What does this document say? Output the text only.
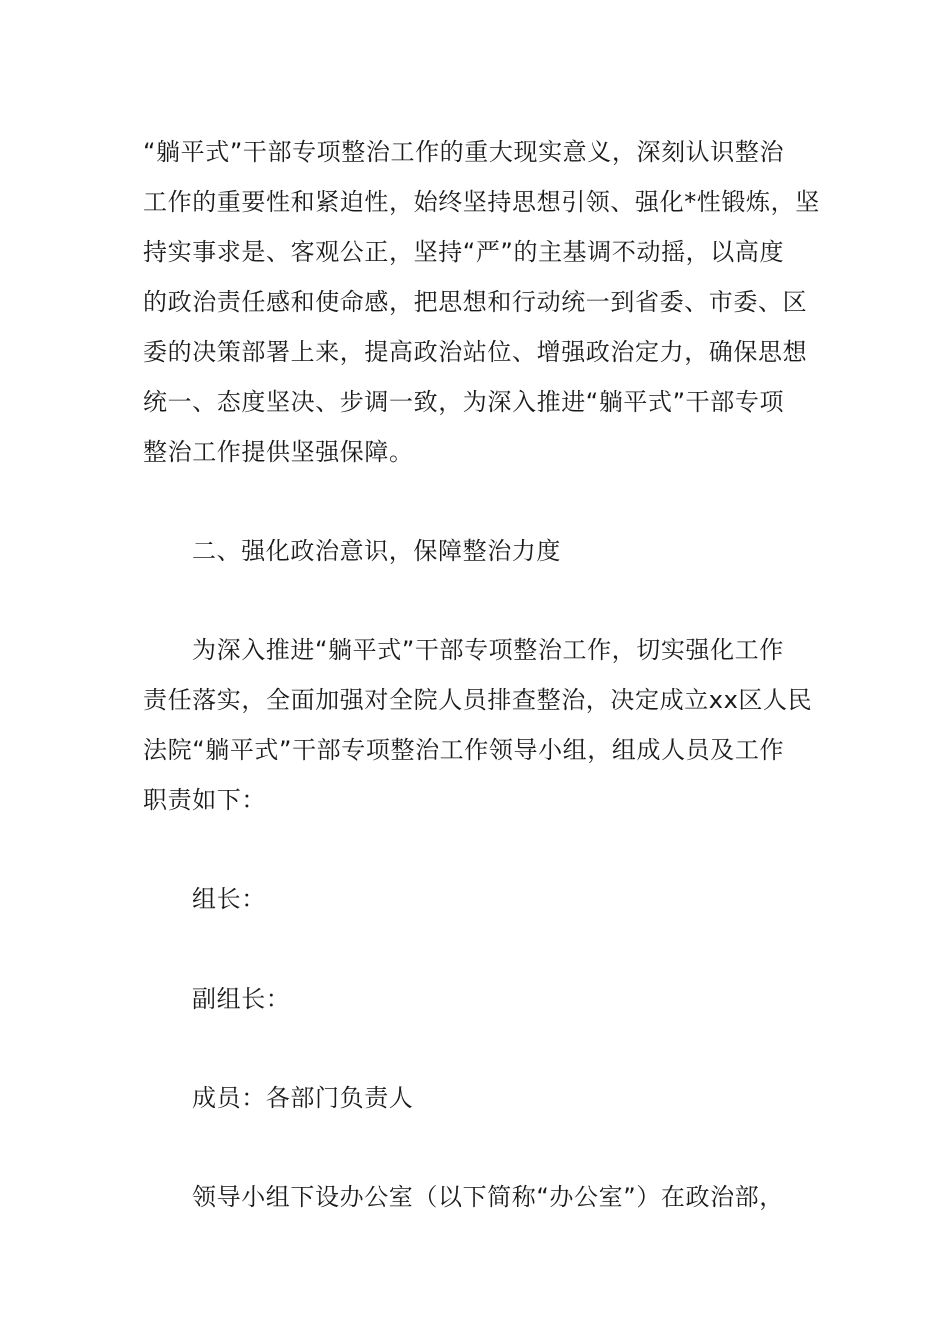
“躺平式”干部专项整治工作的重大现实意义，深刻认识整治
工作的重要性和紧迫性，始终坚持思想引领、强化*性锻炼，坚
持实事求是、客观公正，坚持“严”的主基调不动摇，以高度
的政治责任感和使命感，把思想和行动统一到省委、市委、区
委的决策部署上来，提高政治站位、增强政治定力，确保思想
统一、态度坚决、步调一致，为深入推进“躺平式”干部专项
整治工作提供坚强保障。
二、强化政治意识，保障整治力度
为深入推进“躺平式”干部专项整治工作，切实强化工作
责任落实，全面加强对全院人员排查整治，决定成立xx区人民
法院“躺平式”干部专项整治工作领导小组，组成人员及工作
职责如下：
组长：
副组长：
成员：各部门负责人
领导小组下设办公室（以下简称“办公室”）在政治部，
